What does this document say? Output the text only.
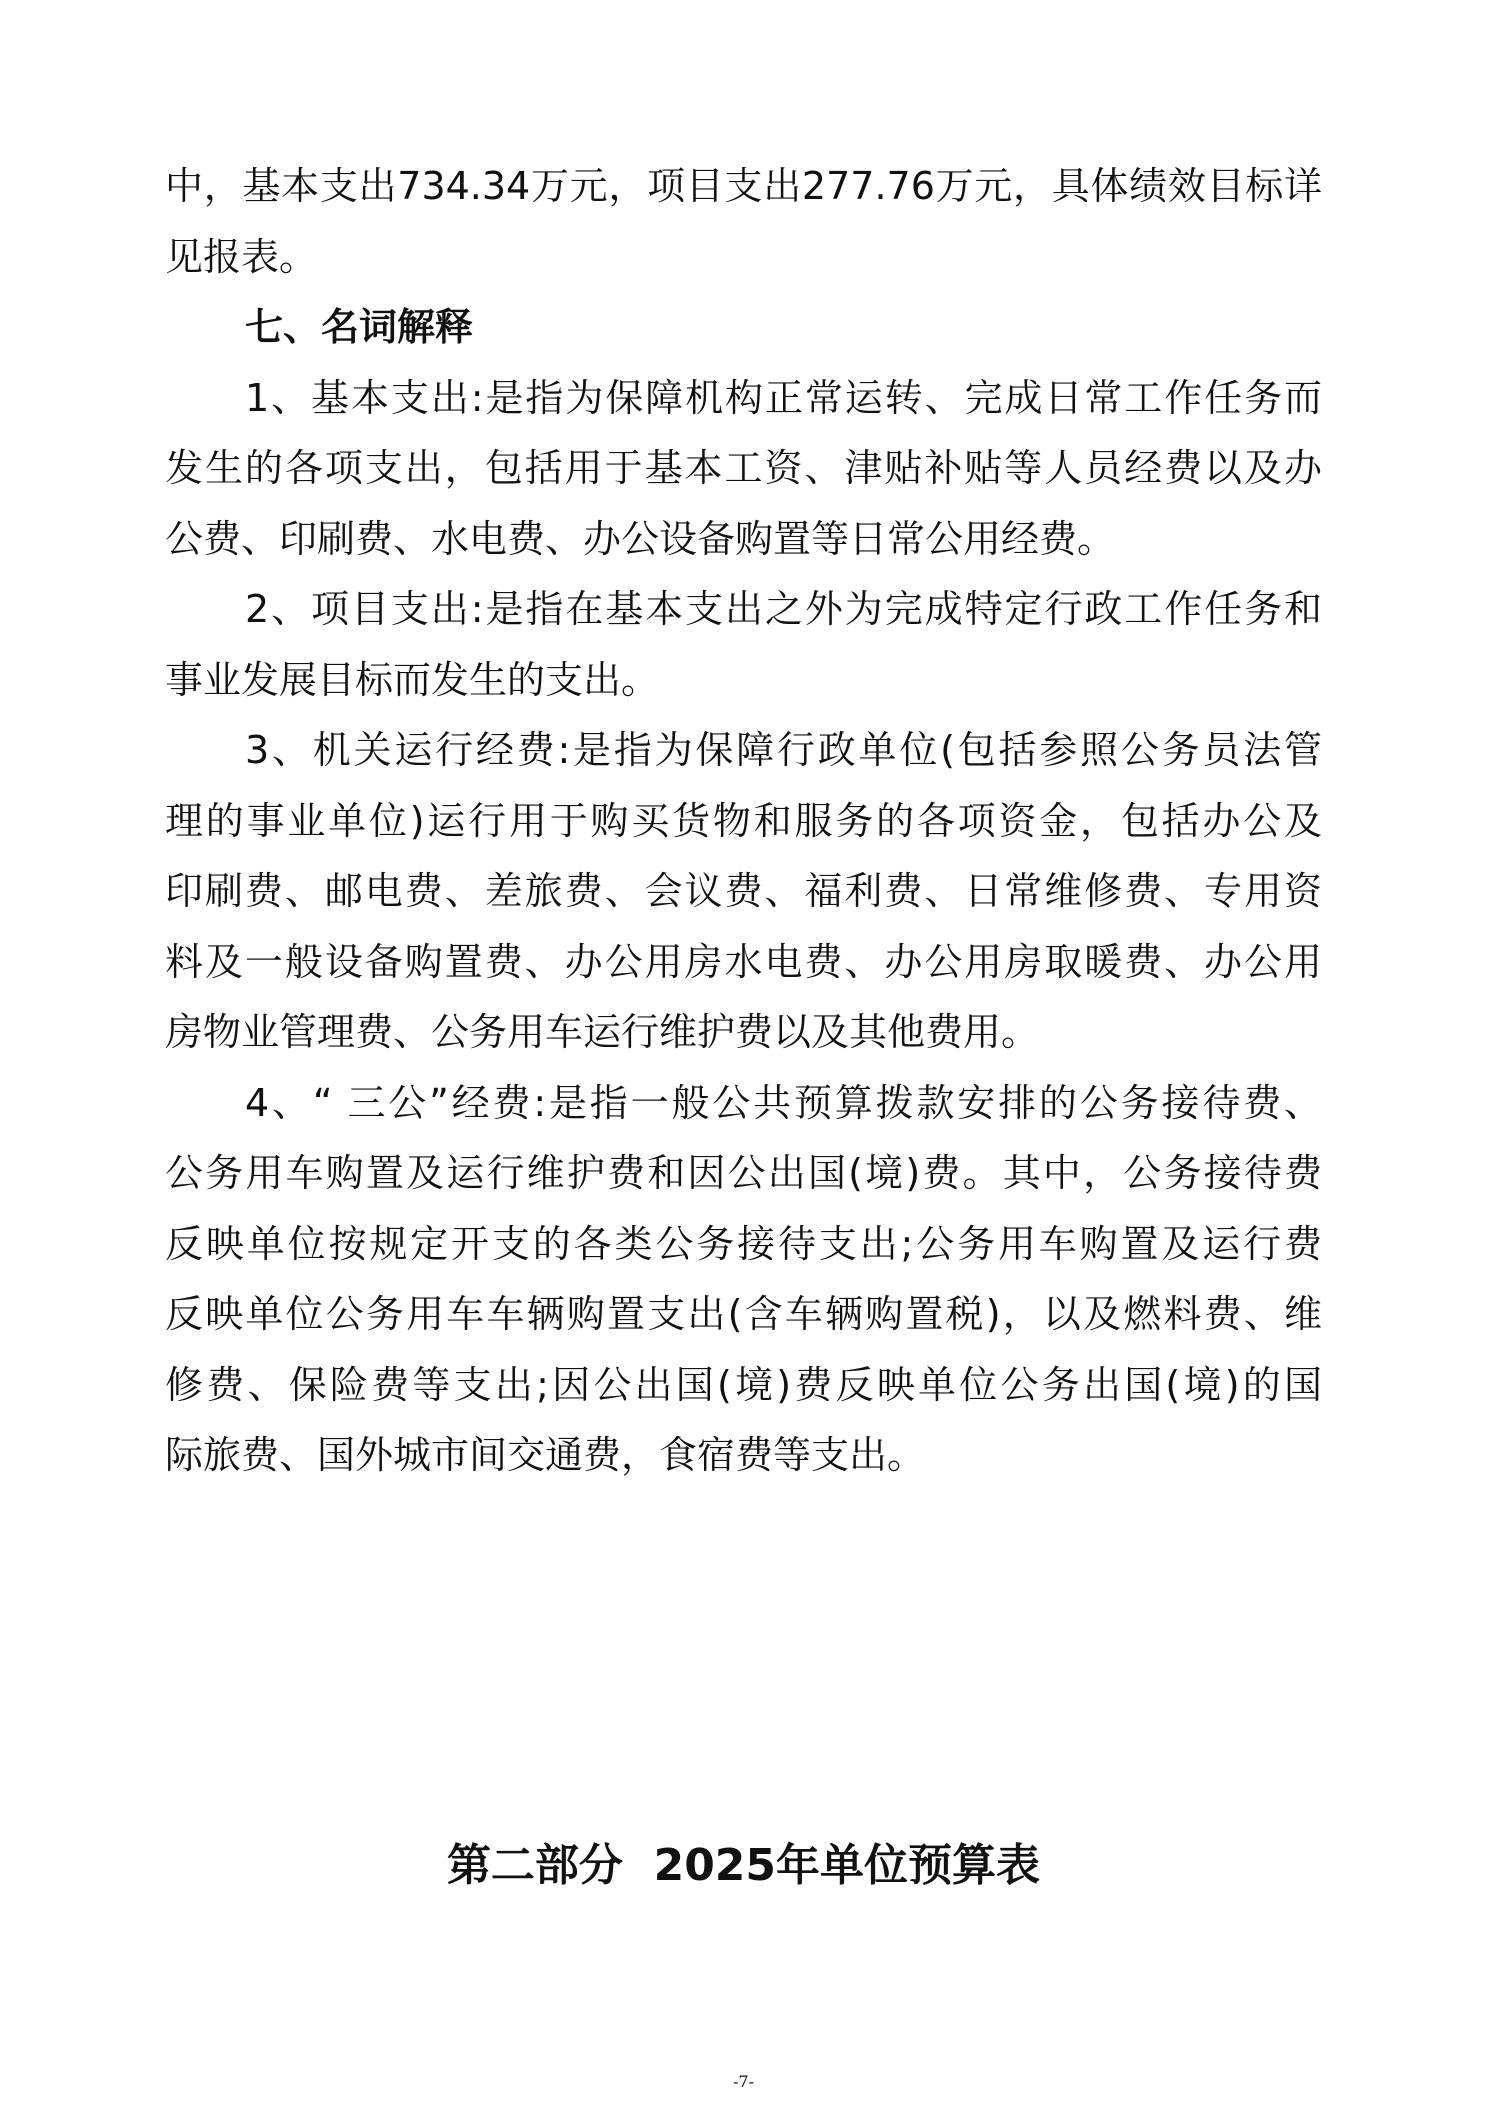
中，基本支出734.34万元，项目支出277.76万元，具体绩效目标详
见报表。
七、名词解释
1、基本支出:是指为保障机构正常运转、完成日常工作任务而
发生的各项支出，包括用于基本工资、津贴补贴等人员经费以及办
公费、印刷费、水电费、办公设备购置等日常公用经费。
2、项目支出:是指在基本支出之外为完成特定行政工作任务和
事业发展目标而发生的支出。
3、机关运行经费:是指为保障行政单位(包括参照公务员法管
理的事业单位)运行用于购买货物和服务的各项资金，包括办公及
印刷费、邮电费、差旅费、会议费、福利费、日常维修费、专用资
料及一般设备购置费、办公用房水电费、办公用房取暖费、办公用
房物业管理费、公务用车运行维护费以及其他费用。
4、“ 三公”经费:是指一般公共预算拨款安排的公务接待费、
公务用车购置及运行维护费和因公出国(境)费。其中，公务接待费
反映单位按规定开支的各类公务接待支出;公务用车购置及运行费
反映单位公务用车车辆购置支出(含车辆购置税)，以及燃料费、维
修费、保险费等支出;因公出国(境)费反映单位公务出国(境)的国
际旅费、国外城市间交通费，食宿费等支出。
第二部分  2025年单位预算表
-7-
